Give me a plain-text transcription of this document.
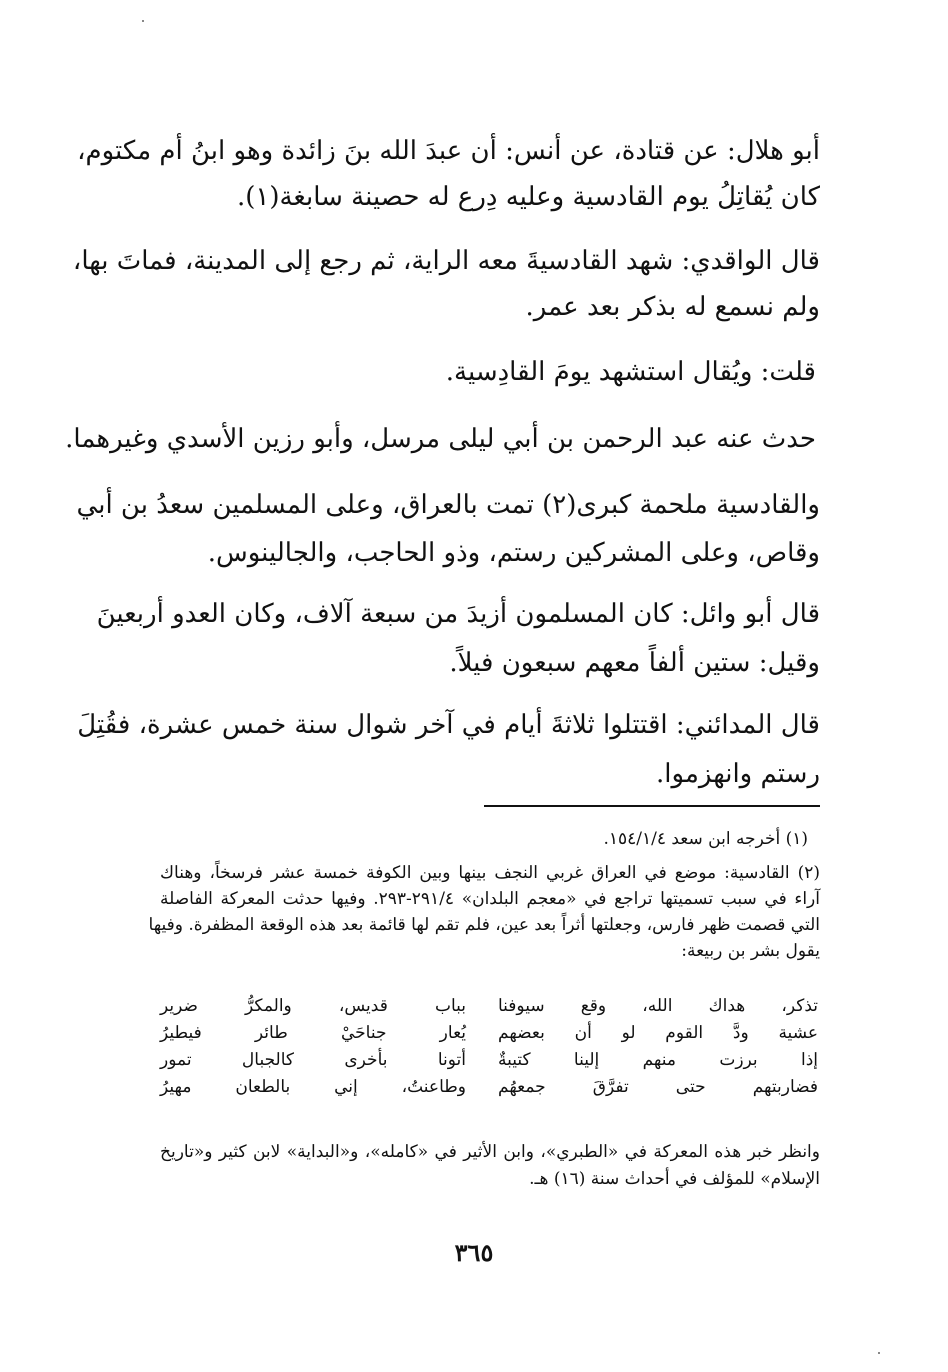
أبو هلال: عن قتادة، عن أنس: أن عبدَ الله بنَ زائدة وهو ابنُ أم مكتوم،
كان يُقاتِلُ يوم القادسية وعليه دِرع له حصينة سابغة(١).
قال الواقدي: شهد القادسيةَ معه الراية، ثم رجع إلى المدينة، فماتَ بها،
ولم نسمع له بذكر بعد عمر.
قلت: ويُقال استشهد يومَ القادِسية.
حدث عنه عبد الرحمن بن أبي ليلى مرسل، وأبو رزين الأسدي وغيرهما.
والقادسية ملحمة كبرى(٢) تمت بالعراق، وعلى المسلمين سعدُ بن أبي
وقاص، وعلى المشركين رستم، وذو الحاجب، والجالينوس.
قال أبو وائل: كان المسلمون أزيدَ من سبعة آلاف، وكان العدو أربعينَ
وقيل: ستين ألفاً معهم سبعون فيلاً.
قال المدائني: اقتتلوا ثلاثةَ أيام في آخر شوال سنة خمس عشرة، فقُتِلَ
رستم وانهزموا.
(١) أخرجه ابن سعد ١٥٤/١/٤.
(٢) القادسية: موضع في العراق غربي النجف بينها وبين الكوفة خمسة عشر فرسخاً، وهناك
آراء في سبب تسميتها تراجع في «معجم البلدان» ٢٩١/٤-٢٩٣. وفيها حدثت المعركة الفاصلة
التي قصمت ظهر فارس، وجعلتها أثراً بعد عين، فلم تقم لها قائمة بعد هذه الوقعة المظفرة. وفيها
يقول بشر بن ربيعة:
تذكر، هداك الله، وقع سيوفنا
بباب قديس، والمكرُّ ضرير
عشية ودَّ القوم لو أن بعضهم
يُعار جناحَيْ طائر فيطيرُ
إذا برزت منهم إلينا كتيبةٌ
أتونا بأخرى كالجبال تمور
فضاربتهم حتى تفرَّقَ جمعهُم
وطاعنتُ، إني بالطعان مهيرُ
وانظر خبر هذه المعركة في «الطبري»، وابن الأثير في «كامله»، و«البداية» لابن كثير و«تاريخ
الإسلام» للمؤلف في أحداث سنة (١٦) هـ.
٣٦٥
